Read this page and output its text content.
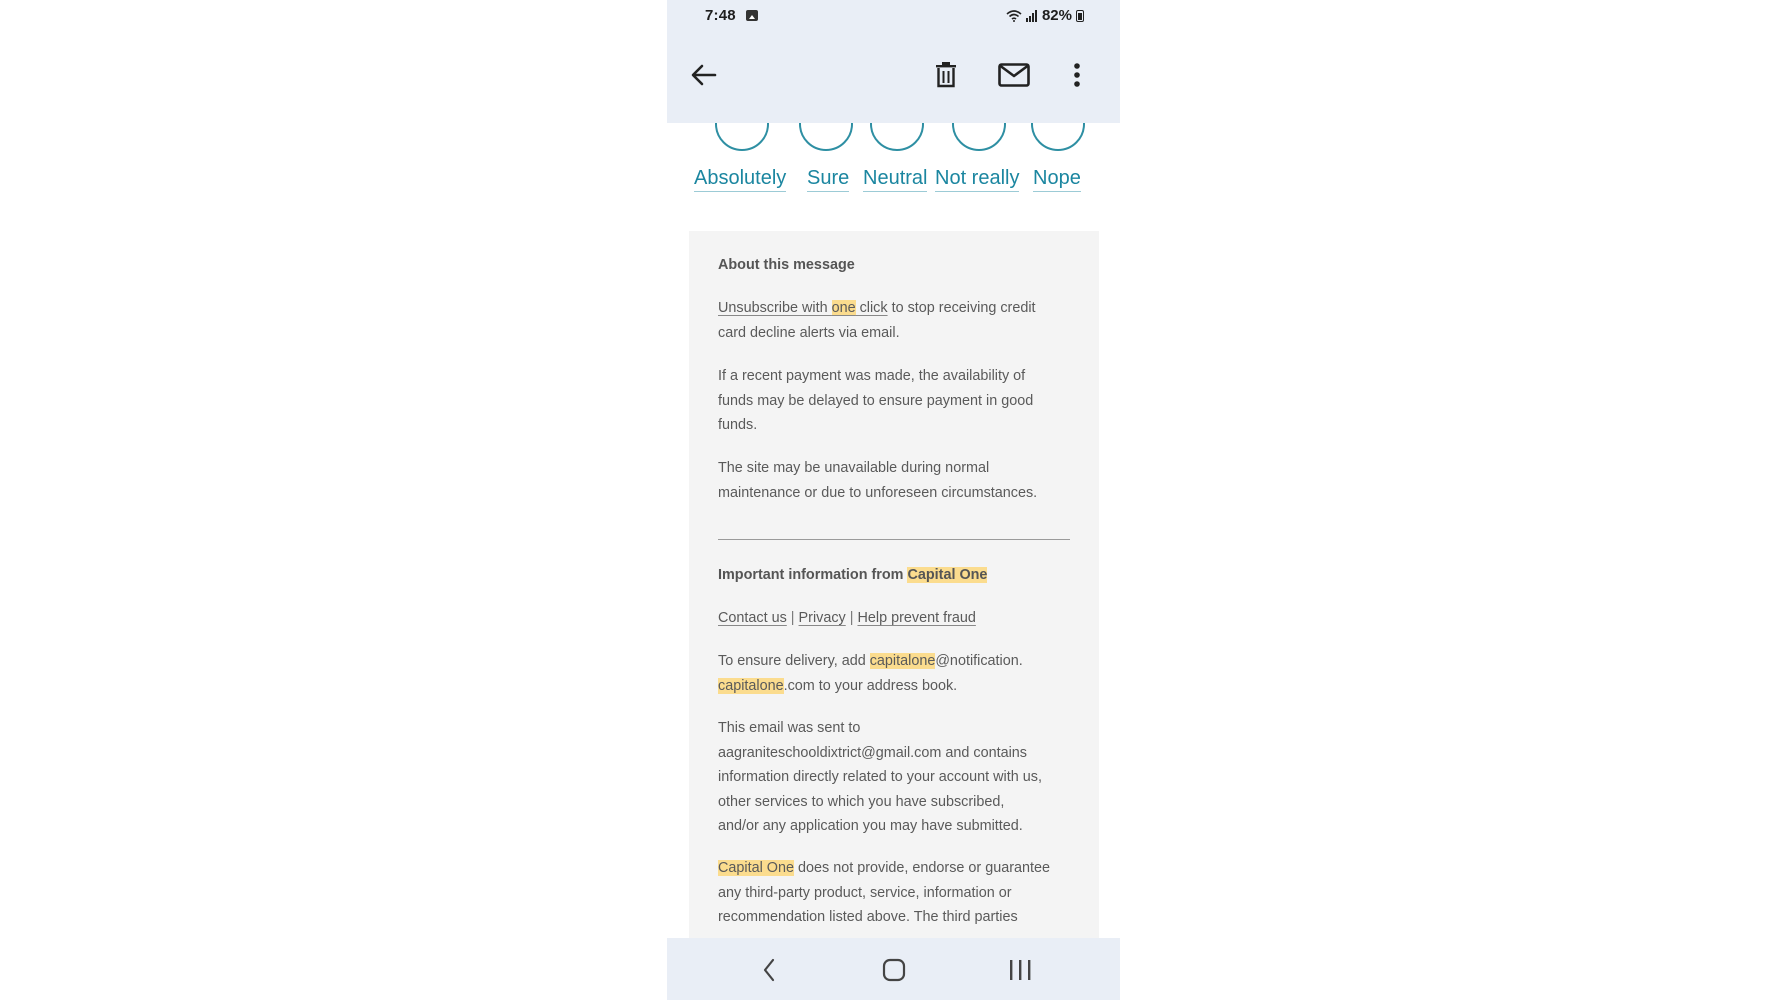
7:48	82%
Absolutely Sure Neutral Not really Nope

About this message

Unsubscribe with one click to stop receiving credit
card decline alerts via email.

If a recent payment was made, the availability of
funds may be delayed to ensure payment in good
funds.

The site may be unavailable during normal
maintenance or due to unforeseen circumstances.

Important information from Capital One

Contact us | Privacy | Help prevent fraud

To ensure delivery, add capitalone@notification.
capitalone.com to your address book.

This email was sent to
aagraniteschooldixtrict@gmail.com and contains
information directly related to your account with us,
other services to which you have subscribed,
and/or any application you may have submitted.

Capital One does not provide, endorse or guarantee
any third-party product, service, information or
recommendation listed above. The third parties
